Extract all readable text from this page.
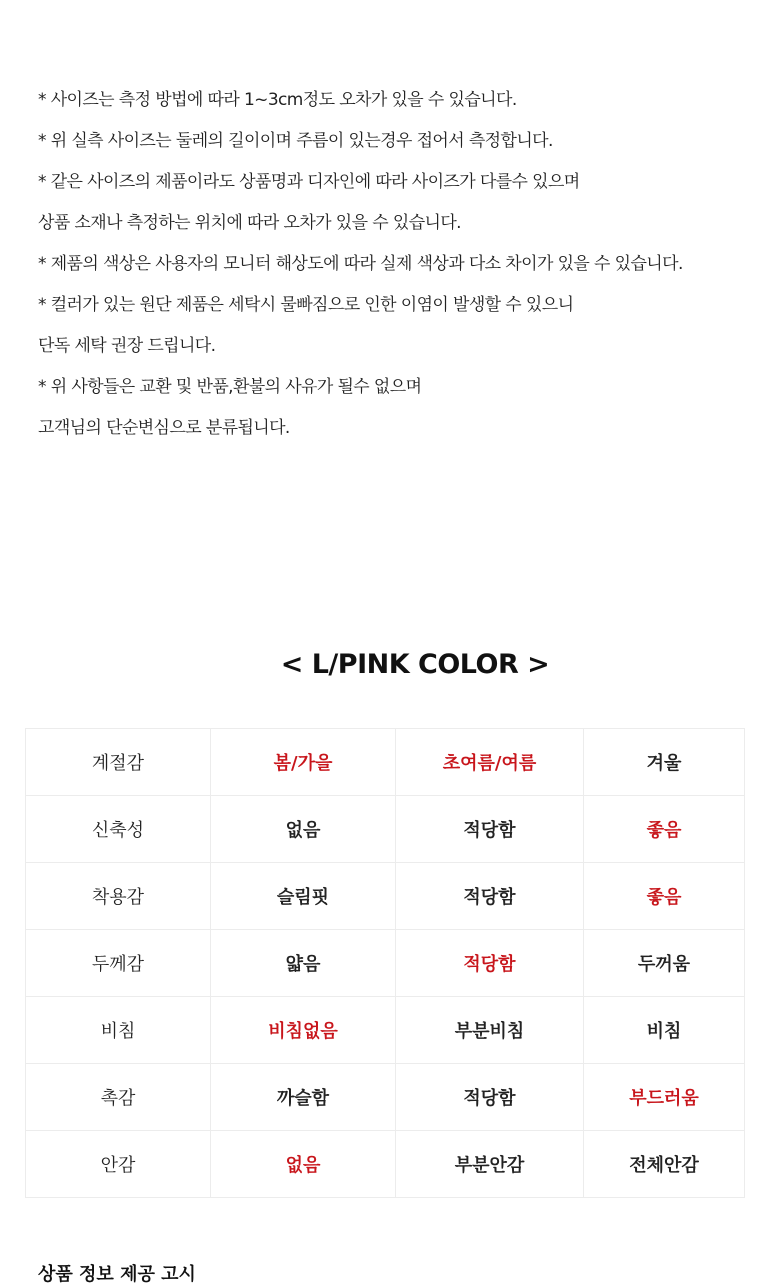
* 사이즈는 측정 방법에 따라 1~3cm정도 오차가 있을 수 있습니다.
* 위 실측 사이즈는 둘레의 길이이며 주름이 있는경우 접어서 측정합니다.
* 같은 사이즈의 제품이라도 상품명과 디자인에 따라 사이즈가 다를수 있으며
상품 소재나 측정하는 위치에 따라 오차가 있을 수 있습니다.
* 제품의 색상은 사용자의 모니터 해상도에 따라 실제 색상과 다소 차이가 있을 수 있습니다.
* 컬러가 있는 원단 제품은 세탁시 물빠짐으로 인한 이염이 발생할 수 있으니
단독 세탁 권장 드립니다.
* 위 사항들은 교환 및 반품,환불의 사유가 될수 없으며
고객님의 단순변심으로 분류됩니다.
< L/PINK COLOR >
계절감	봄/가을	초여름/여름	겨울
신축성	없음	적당함	좋음
착용감	슬림핏	적당함	좋음
두께감	얇음	적당함	두꺼움
비침	비침없음	부분비침	비침
촉감	까슬함	적당함	부드러움
안감	없음	부분안감	전체안감
상품 정보 제공 고시
